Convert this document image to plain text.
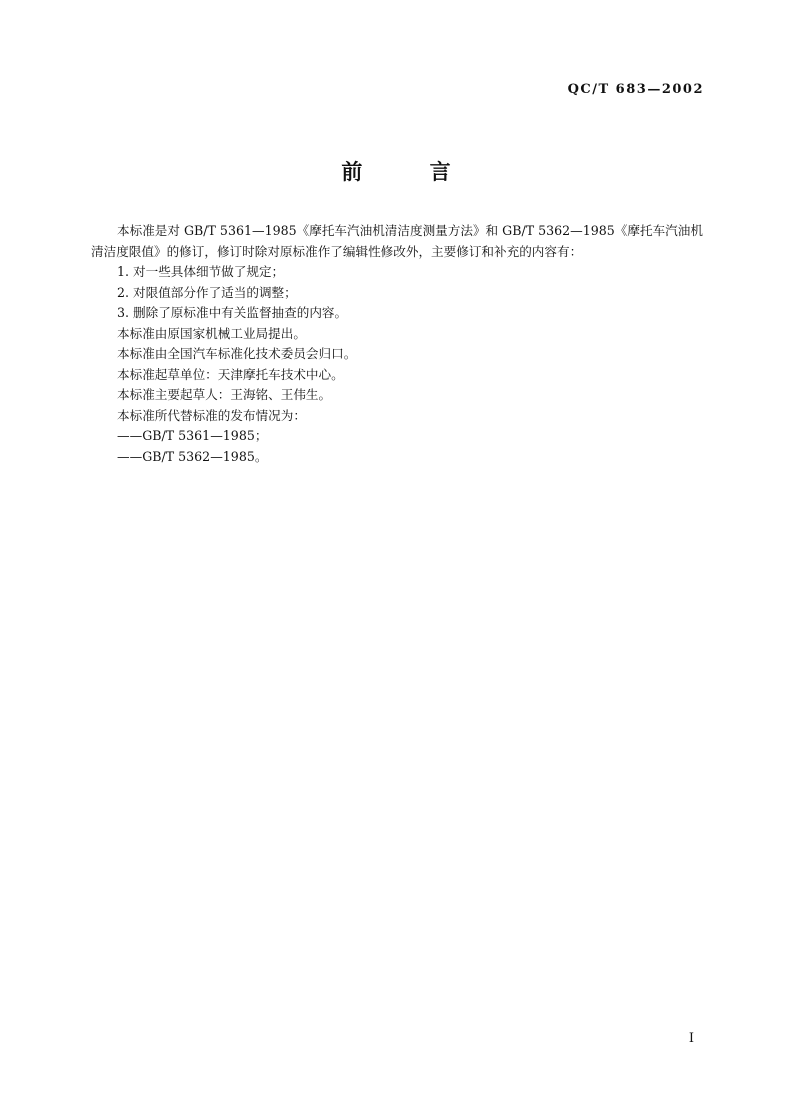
QC/T 683—2002
前 言

本标准是对 GB/T 5361—1985《摩托车汽油机清洁度测量方法》和 GB/T 5362—1985《摩托车汽油机清洁度限值》的修订，修订时除对原标准作了编辑性修改外，主要修订和补充的内容有：

1. 对一些具体细节做了规定；

2. 对限值部分作了适当的调整；

3. 删除了原标准中有关监督抽查的内容。

本标准由原国家机械工业局提出。

本标准由全国汽车标准化技术委员会归口。

本标准起草单位：天津摩托车技术中心。

本标准主要起草人：王海铭、王伟生。

本标准所代替标准的发布情况为：

——GB/T 5361—1985；

——GB/T 5362—1985。

I
